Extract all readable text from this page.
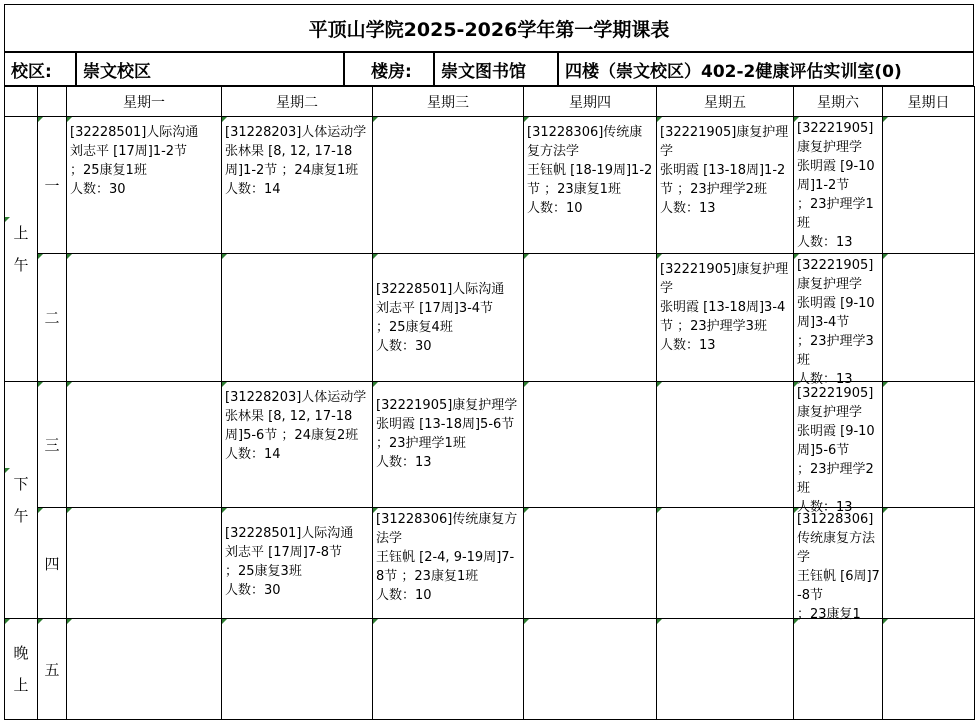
平顶山学院2025-2026学年第一学期课表
校区:	崇文校区	楼房:	崇文图书馆	四楼（崇文校区）402-2健康评估实训室(0)
		星期一	星期二	星期三	星期四	星期五	星期六	星期日

上
午	一	[32228501]人际沟通
刘志平 [17周]1-2节
；25康复1班
人数：30	[31228203]人体运动学
张林果 [8, 12, 17-18周]1-2节 ；24康复1班
人数：14		[31228306]传统康复方法学
王钰帆 [18-19周]1-2节 ；23康复1班
人数：10	[32221905]康复护理学
张明霞 [13-18周]1-2节 ；23护理学2班
人数：13	[32221905]
康复护理学
张明霞 [9-10周]1-2节
；23护理学1班
人数：13	

	二			[32228501]人际沟通
刘志平 [17周]3-4节
；25康复4班
人数：30		[32221905]康复护理学
张明霞 [13-18周]3-4节 ；23护理学3班
人数：13	[32221905]
康复护理学
张明霞 [9-10周]3-4节
；23护理学3班
人数：13	

下
午	三		[31228203]人体运动学
张林果 [8, 12, 17-18周]5-6节 ；24康复2班
人数：14	[32221905]康复护理学
张明霞 [13-18周]5-6节 ；23护理学1班
人数：13			[32221905]
康复护理学
张明霞 [9-10周]5-6节
；23护理学2班
人数：13	

	四		[32228501]人际沟通
刘志平 [17周]7-8节
；25康复3班
人数：30	[31228306]传统康复方法学
王钰帆 [2-4, 9-19周]7-8节 ；23康复1班
人数：10			[31228306]
传统康复方法学
王钰帆 [6周]7-8节
；23康复1	

晚
上	五							
